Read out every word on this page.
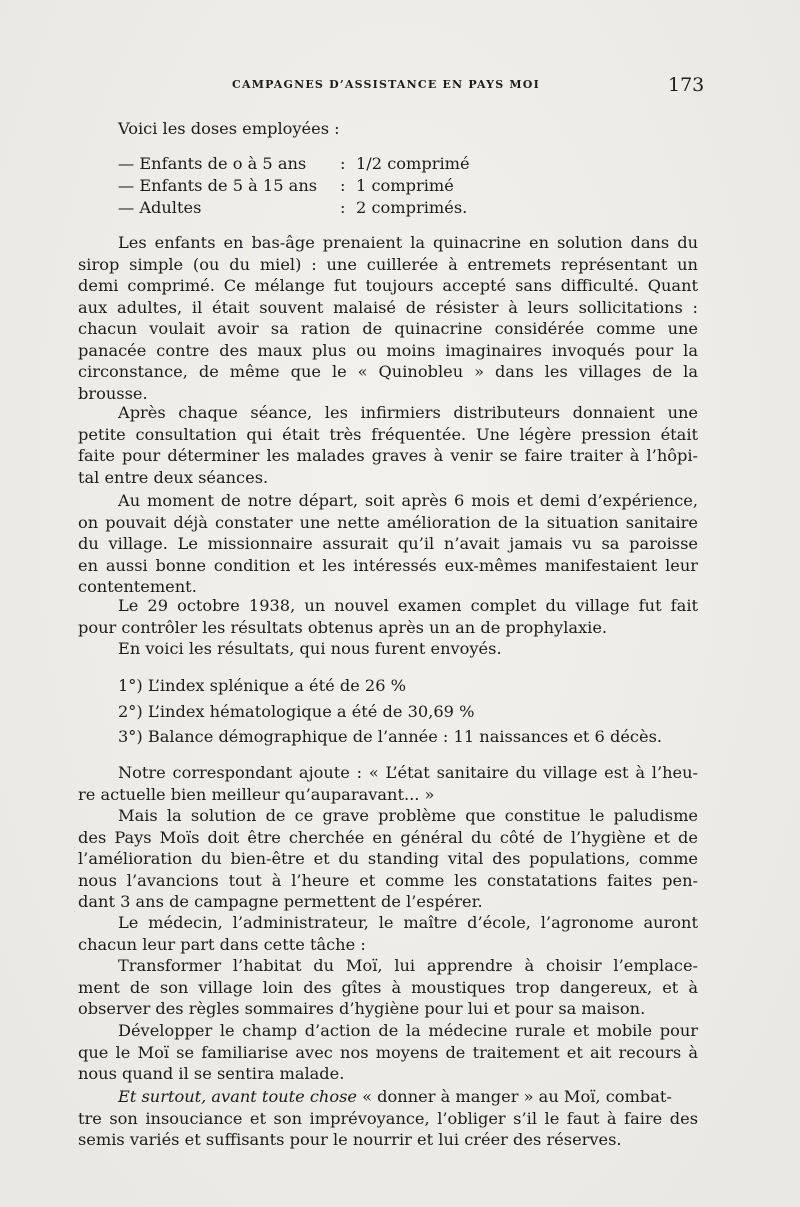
CAMPAGNES D’ASSISTANCE EN PAYS MOI	173
Voici les doses employées :
— Enfants de o à 5 ans : 1/2 comprimé
— Enfants de 5 à 15 ans : 1 comprimé
— Adultes	: 2 comprimés.
Les enfants en bas-âge prenaient la quinacrine en solution dans du
sirop simple (ou du miel) : une cuillerée à entremets représentant un
demi comprimé. Ce mélange fut toujours accepté sans difficulté. Quant
aux adultes, il était souvent malaisé de résister à leurs sollicitations :
chacun voulait avoir sa ration de quinacrine considérée comme une
panacée contre des maux plus ou moins imaginaires invoqués pour la
circonstance, de même que le « Quinobleu » dans les villages de la
brousse.
Après chaque séance, les infirmiers distributeurs donnaient une
petite consultation qui était très fréquentée. Une légère pression était
faite pour déterminer les malades graves à venir se faire traiter à l’hôpi-
tal entre deux séances.
Au moment de notre départ, soit après 6 mois et demi d’expérience,
on pouvait déjà constater une nette amélioration de la situation sanitaire
du village. Le missionnaire assurait qu’il n’avait jamais vu sa paroisse
en aussi bonne condition et les intéressés eux-mêmes manifestaient leur
contentement.
Le 29 octobre 1938, un nouvel examen complet du village fut fait
pour contrôler les résultats obtenus après un an de prophylaxie.
En voici les résultats, qui nous furent envoyés.
1°) L’index splénique a été de 26 %
2°) L’index hématologique a été de 30,69 %
3°) Balance démographique de l’année : 11 naissances et 6 décès.
Notre correspondant ajoute : « L’état sanitaire du village est à l’heu-
re actuelle bien meilleur qu’auparavant... »
Mais la solution de ce grave problème que constitue le paludisme
des Pays Moïs doit être cherchée en général du côté de l’hygiène et de
l’amélioration du bien-être et du standing vital des populations, comme
nous l’avancions tout à l’heure et comme les constatations faites pen-
dant 3 ans de campagne permettent de l’espérer.
Le médecin, l’administrateur, le maître d’école, l’agronome auront
chacun leur part dans cette tâche :
Transformer l’habitat du Moï, lui apprendre à choisir l’emplace-
ment de son village loin des gîtes à moustiques trop dangereux, et à
observer des règles sommaires d’hygiène pour lui et pour sa maison.
Développer le champ d’action de la médecine rurale et mobile pour
que le Moï se familiarise avec nos moyens de traitement et ait recours à
nous quand il se sentira malade.
Et surtout, avant toute chose « donner à manger » au Moï, combat-
tre son insouciance et son imprévoyance, l’obliger s’il le faut à faire des
semis variés et suffisants pour le nourrir et lui créer des réserves.
